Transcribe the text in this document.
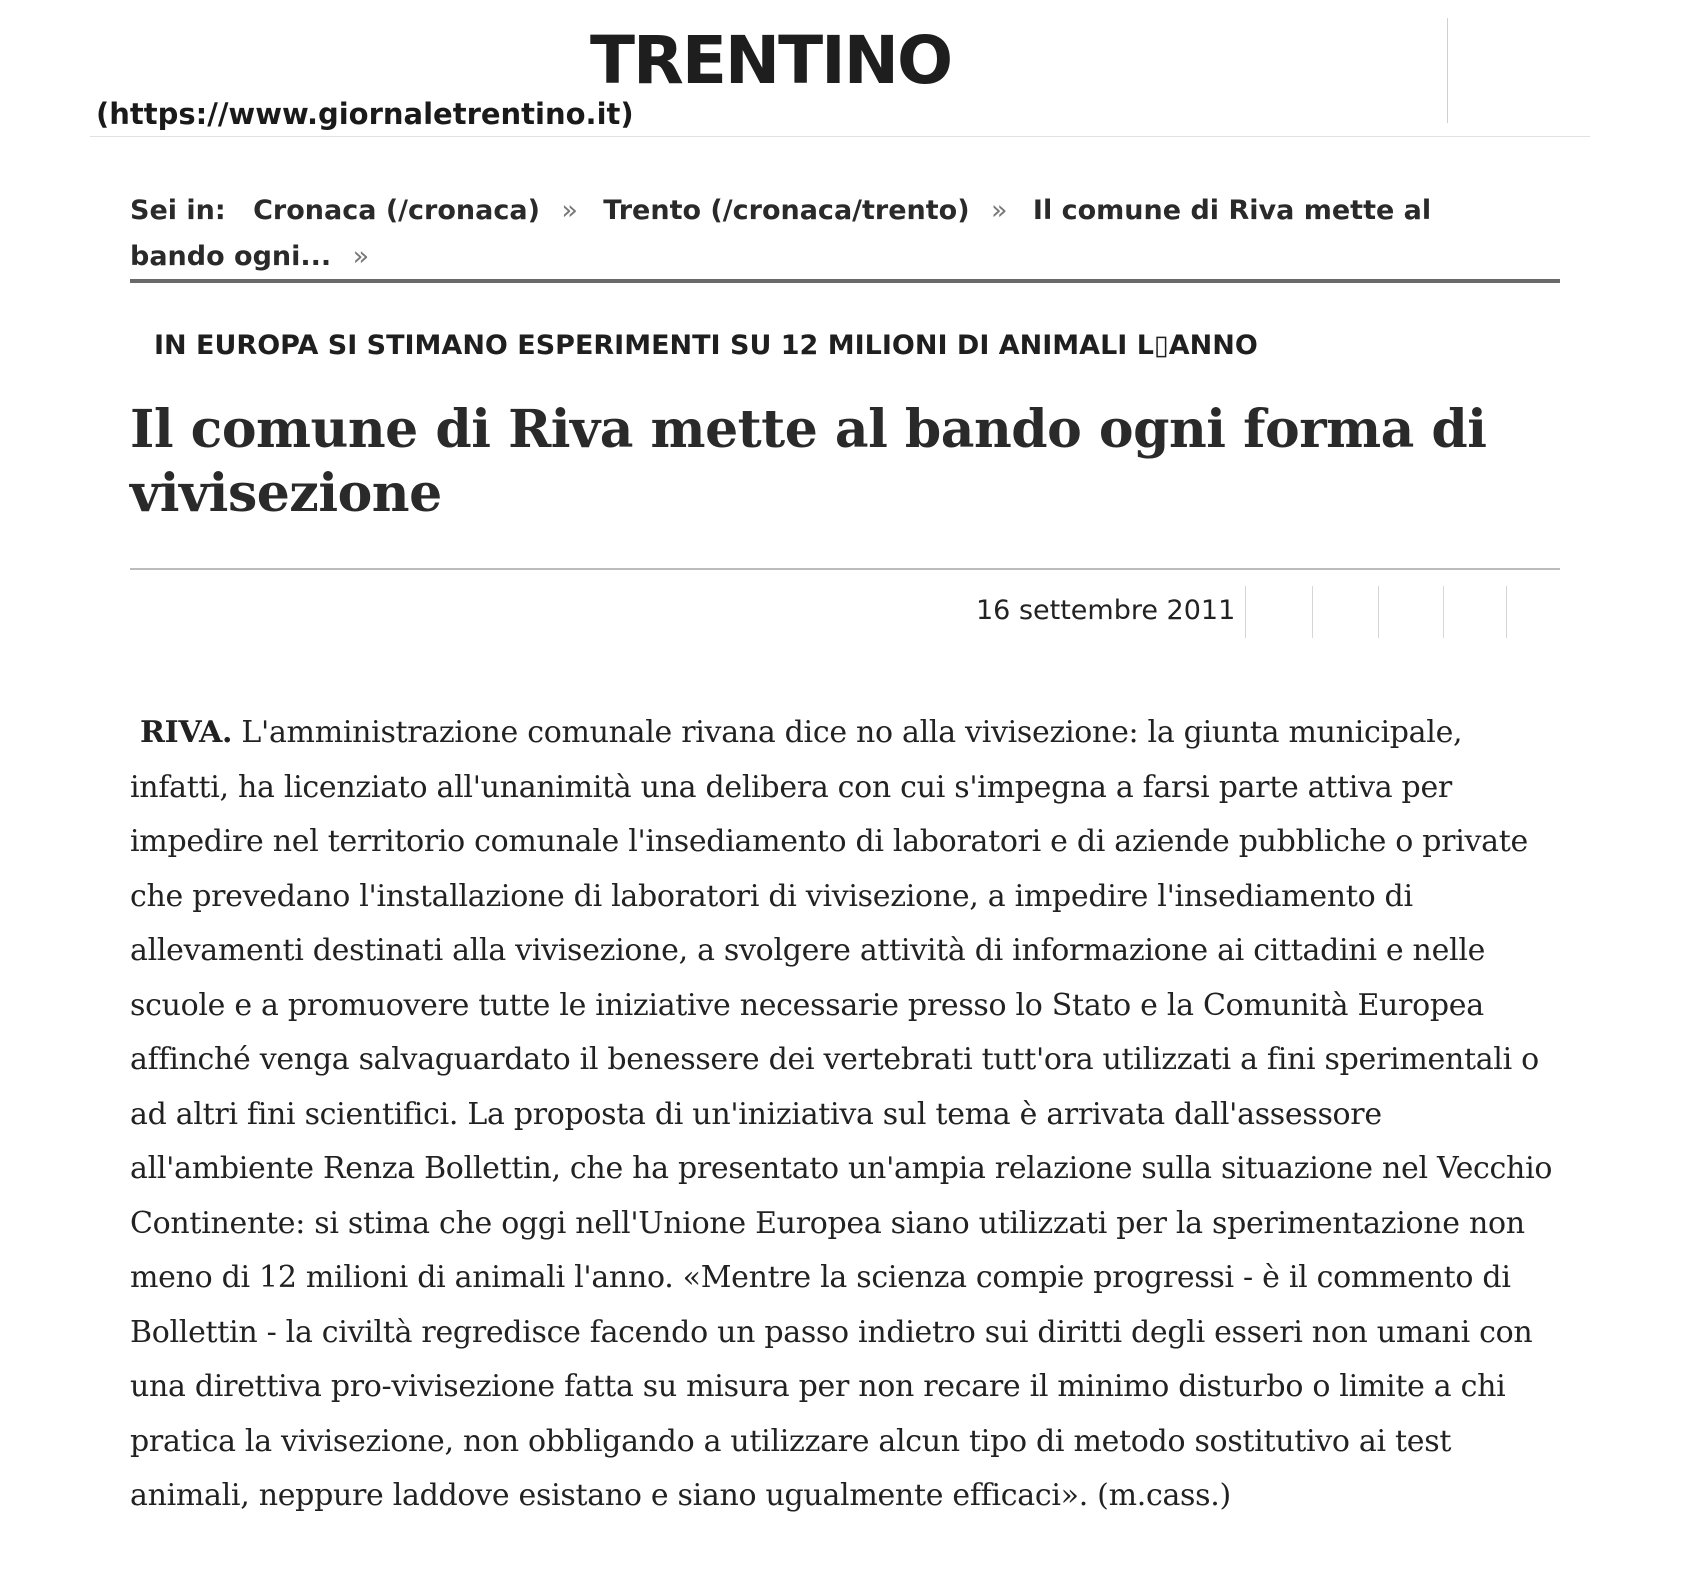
TRENTINO
(https://www.giornaletrentino.it)
Sei in: Cronaca (/cronaca) » Trento (/cronaca/trento) » Il comune di Riva mette al bando ogni... »
IN EUROPA SI STIMANO ESPERIMENTI SU 12 MILIONI DI ANIMALI L▯ANNO
Il comune di Riva mette al bando ogni forma di vivisezione
16 settembre 2011

RIVA. L'amministrazione comunale rivana dice no alla vivisezione: la giunta municipale, infatti, ha licenziato all'unanimità una delibera con cui s'impegna a farsi parte attiva per impedire nel territorio comunale l'insediamento di laboratori e di aziende pubbliche o private che prevedano l'installazione di laboratori di vivisezione, a impedire l'insediamento di allevamenti destinati alla vivisezione, a svolgere attività di informazione ai cittadini e nelle scuole e a promuovere tutte le iniziative necessarie presso lo Stato e la Comunità Europea affinché venga salvaguardato il benessere dei vertebrati tutt'ora utilizzati a fini sperimentali o ad altri fini scientifici. La proposta di un'iniziativa sul tema è arrivata dall'assessore all'ambiente Renza Bollettin, che ha presentato un'ampia relazione sulla situazione nel Vecchio Continente: si stima che oggi nell'Unione Europea siano utilizzati per la sperimentazione non meno di 12 milioni di animali l'anno. «Mentre la scienza compie progressi - è il commento di Bollettin - la civiltà regredisce facendo un passo indietro sui diritti degli esseri non umani con una direttiva pro-vivisezione fatta su misura per non recare il minimo disturbo o limite a chi pratica la vivisezione, non obbligando a utilizzare alcun tipo di metodo sostitutivo ai test animali, neppure laddove esistano e siano ugualmente efficaci». (m.cass.)
